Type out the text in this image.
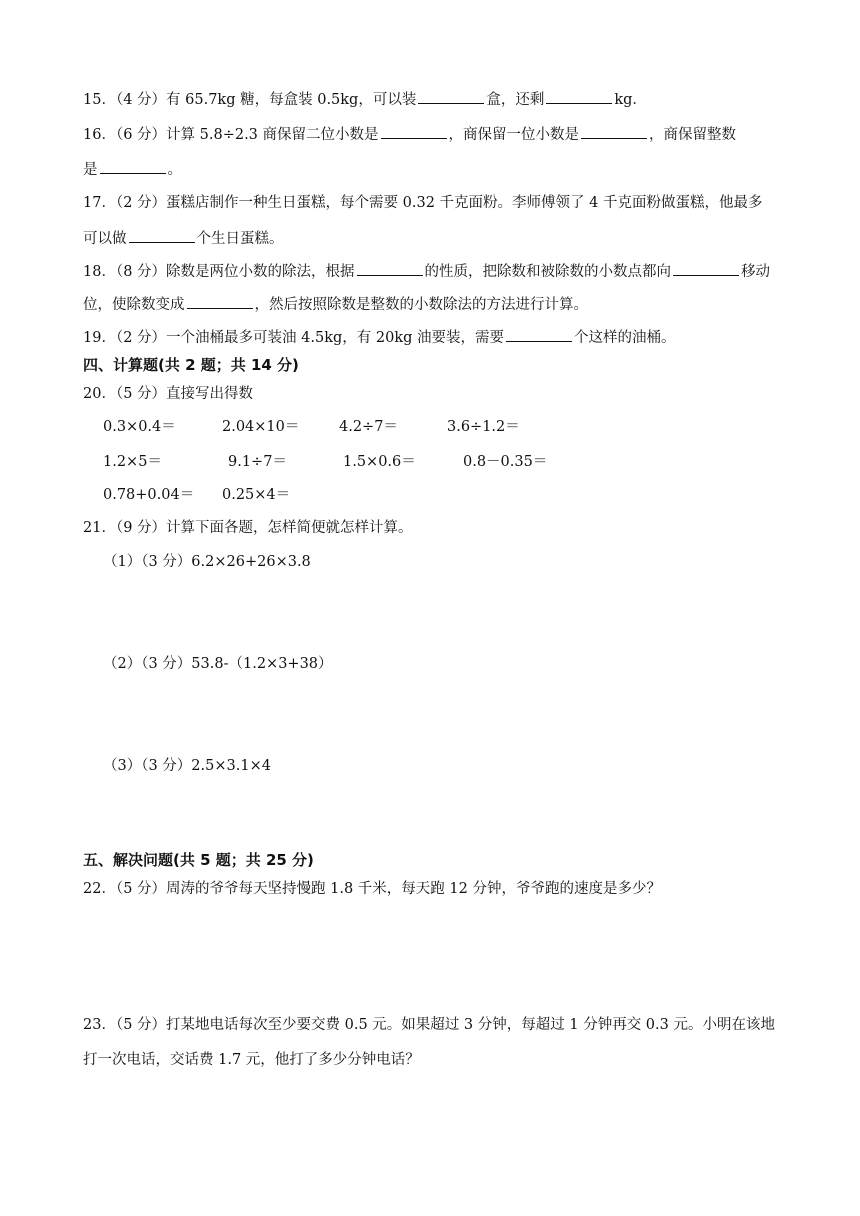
15．（4 分）有 65.7kg 糖，每盒装 0.5kg，可以装	盒，还剩	kg．
16．（6 分）计算 5.8÷2.3 商保留二位小数是	，商保留一位小数是	，商保留整数
是	。
17．（2 分）蛋糕店制作一种生日蛋糕，每个需要 0.32 千克面粉。李师傅领了 4 千克面粉做蛋糕，他最多
可以做	个生日蛋糕。
18．（8 分）除数是两位小数的除法，根据	的性质，把除数和被除数的小数点都向	移动
位，使除数变成	，然后按照除数是整数的小数除法的方法进行计算。
19．（2 分）一个油桶最多可装油 4.5kg，有 20kg 油要装，需要	个这样的油桶。
四、计算题(共 2 题；共 14 分)
20．（5 分）直接写出得数
0.3×0.4＝	2.04×10＝	4.2÷7＝	3.6÷1.2＝
1.2×5＝	9.1÷7＝	1.5×0.6＝	0.8－0.35＝
0.78+0.04＝ 0.25×4＝
21．（9 分）计算下面各题，怎样简便就怎样计算。
（1）（3 分）6.2×26+26×3.8
（2）（3 分）53.8-（1.2×3+38）
（3）（3 分）2.5×3.1×4
五、解决问题(共 5 题；共 25 分)
22．（5 分）周涛的爷爷每天坚持慢跑 1.8 千米，每天跑 12 分钟，爷爷跑的速度是多少？
23．（5 分）打某地电话每次至少要交费 0.5 元。如果超过 3 分钟，每超过 1 分钟再交 0.3 元。小明在该地
打一次电话，交话费 1.7 元，他打了多少分钟电话？
